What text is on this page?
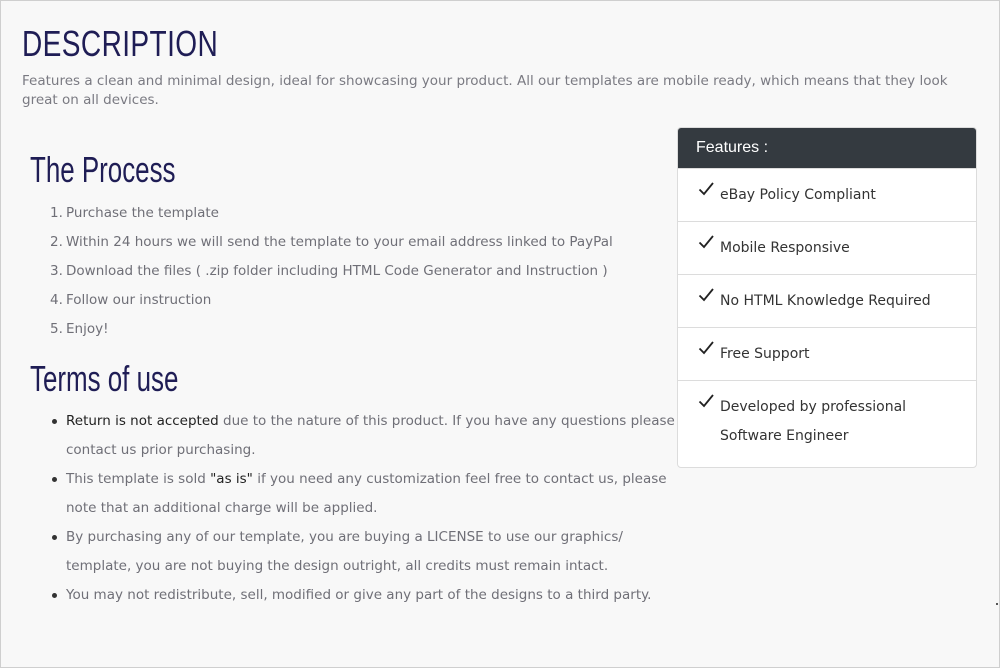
DESCRIPTION

Features a clean and minimal design, ideal for showcasing your product. All our templates are mobile ready, which means that they look great on all devices.

The Process
1. Purchase the template
2. Within 24 hours we will send the template to your email address linked to PayPal
3. Download the files ( .zip folder including HTML Code Generator and Instruction )
4. Follow our instruction
5. Enjoy!
Terms of use
Return is not accepted due to the nature of this product. If you have any questions please contact us prior purchasing.
This template is sold "as is" if you need any customization feel free to contact us, please note that an additional charge will be applied.
By purchasing any of our template, you are buying a LICENSE to use our graphics/ template, you are not buying the design outright, all credits must remain intact.
You may not redistribute, sell, modified or give any part of the designs to a third party.
Features :
eBay Policy Compliant
Mobile Responsive
No HTML Knowledge Required
Free Support
Developed by professional Software Engineer
